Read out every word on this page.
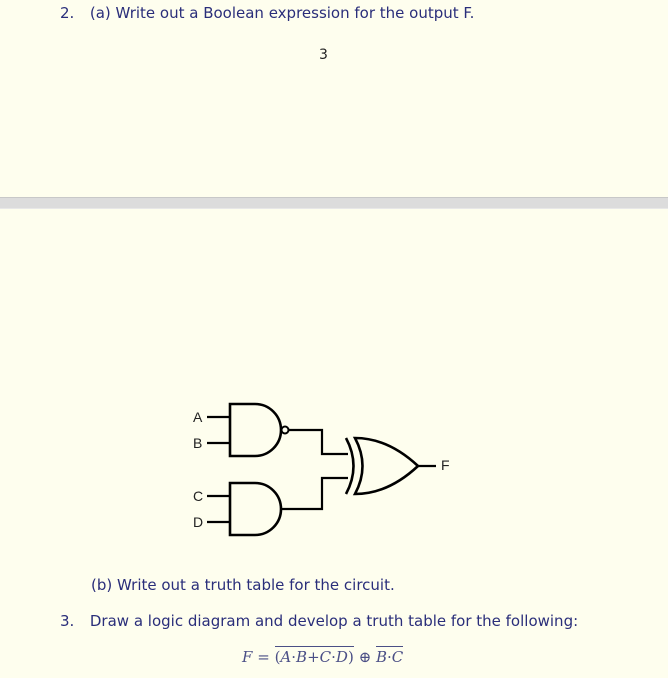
2. (a) Write out a Boolean expression for the output F.
3
A
B
C
D
F
(b) Write out a truth table for the circuit.
3. Draw a logic diagram and develop a truth table for the following:
F = (A·B+C·D) ⊕ B·C
